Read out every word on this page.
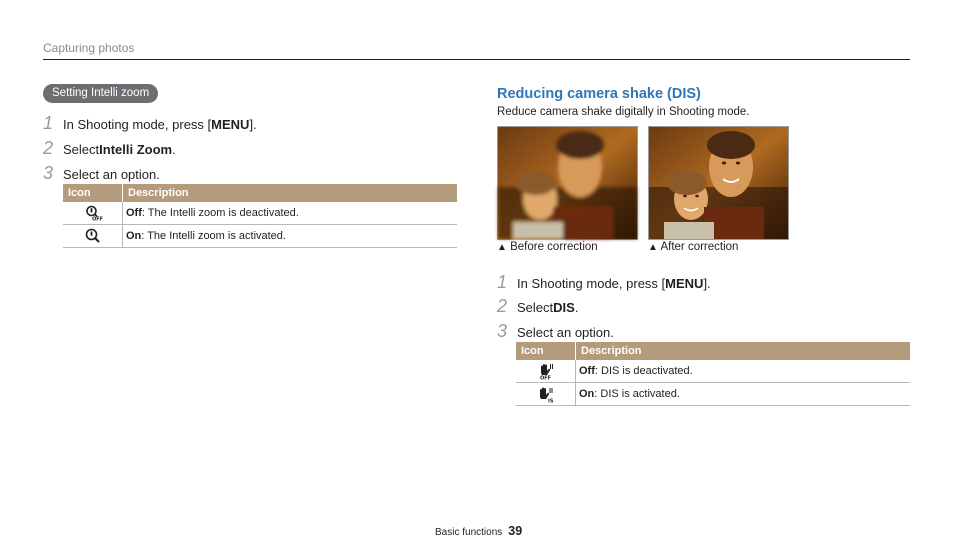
Capturing photos
Setting Intelli zoom
1 In Shooting mode, press [ MENU ].
2 Select Intelli Zoom .
3 Select an option.
Icon	Description

OFF	Off: The Intelli zoom is deactivated.
	On: The Intelli zoom is activated.
Reducing camera shake (DIS)
Reduce camera shake digitally in Shooting mode.
▲ Before correction	▲ After correction
1 In Shooting mode, press [ MENU ].
2 Select DIS .
3 Select an option.
Icon	Description

OFF	Off: DIS is deactivated.

IS	On: DIS is activated.
Basic functions 39
